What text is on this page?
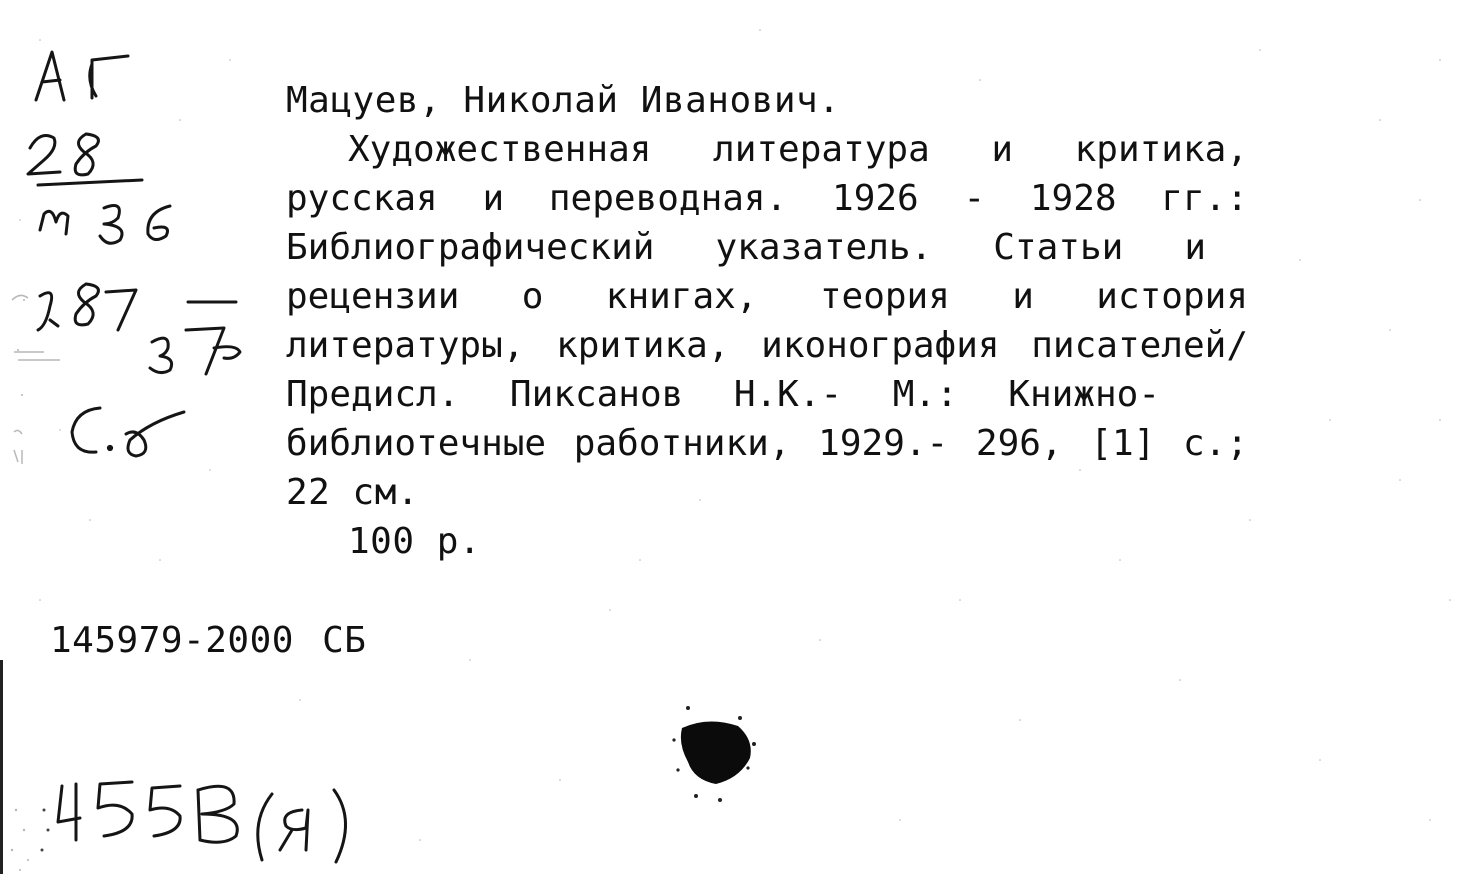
Мацуев, Николай Иванович.
Художественная литература и критика,
русская и переводная. 1926 - 1928 гг.:
Библиографический указатель. Статьи и
рецензии о книгах, теория и история
литературы, критика, иконография писателей/
Предисл. Пиксанов Н.К.- М.: Книжно-
библиотечные работники, 1929.- 296, [1] с.;
22 см.
100 р.
145979-2000 СБ
